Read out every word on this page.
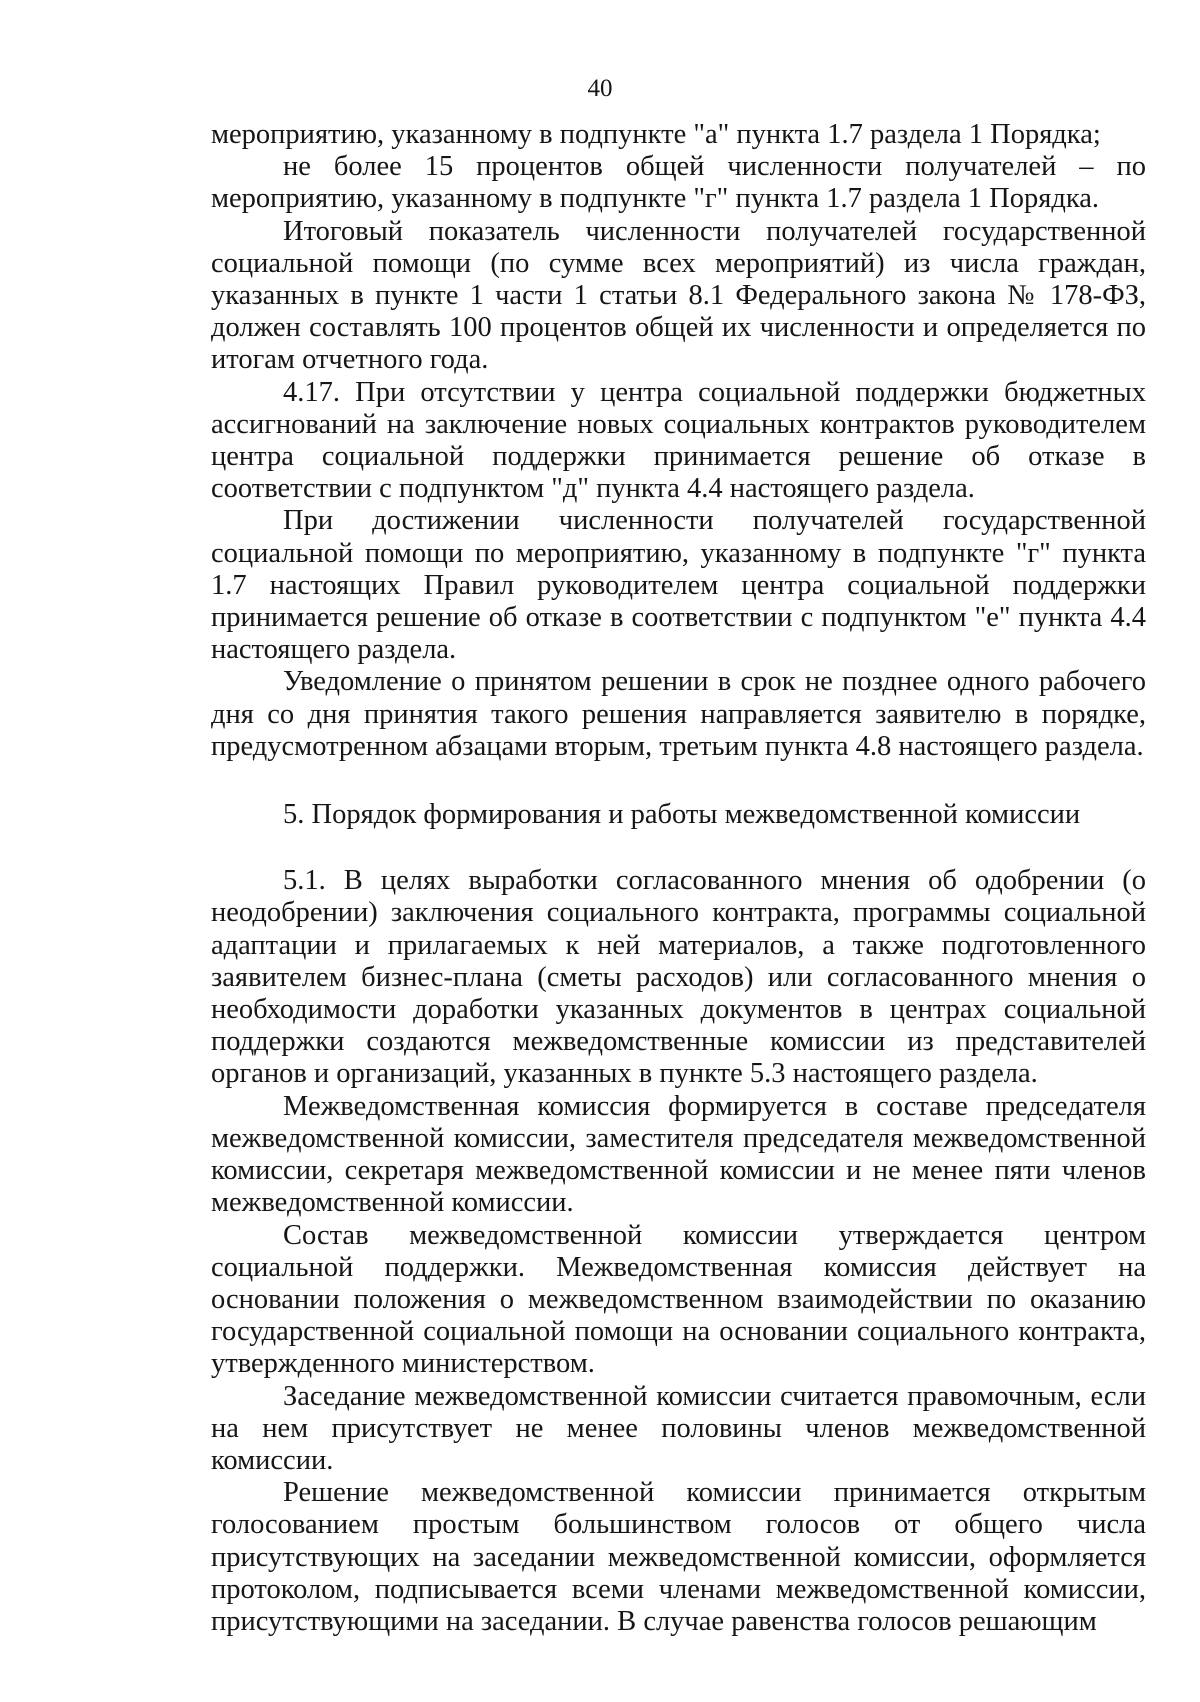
40

мероприятию, указанному в подпункте "а" пункта 1.7 раздела 1 Порядка;

не более 15 процентов общей численности получателей – по мероприятию, указанному в подпункте "г" пункта 1.7 раздела 1 Порядка.

Итоговый показатель численности получателей государственной социальной помощи (по сумме всех мероприятий) из числа граждан, указанных в пункте 1 части 1 статьи 8.1 Федерального закона № 178-ФЗ, должен составлять 100 процентов общей их численности и определяется по итогам отчетного года.

4.17. При отсутствии у центра социальной поддержки бюджетных ассигнований на заключение новых социальных контрактов руководителем центра социальной поддержки принимается решение об отказе в соответствии с подпунктом "д" пункта 4.4 настоящего раздела.

При достижении численности получателей государственной социальной помощи по мероприятию, указанному в подпункте "г" пункта 1.7 настоящих Правил руководителем центра социальной поддержки принимается решение об отказе в соответствии с подпунктом "е" пункта 4.4 настоящего раздела.

Уведомление о принятом решении в срок не позднее одного рабочего дня со дня принятия такого решения направляется заявителю в порядке, предусмотренном абзацами вторым, третьим пункта 4.8 настоящего раздела.

5. Порядок формирования и работы межведомственной комиссии

5.1. В целях выработки согласованного мнения об одобрении (о неодобрении) заключения социального контракта, программы социальной адаптации и прилагаемых к ней материалов, а также подготовленного заявителем бизнес-плана (сметы расходов) или согласованного мнения о необходимости доработки указанных документов в центрах социальной поддержки создаются межведомственные комиссии из представителей органов и организаций, указанных в пункте 5.3 настоящего раздела.

Межведомственная комиссия формируется в составе председателя межведомственной комиссии, заместителя председателя межведомственной комиссии, секретаря межведомственной комиссии и не менее пяти членов межведомственной комиссии.

Состав межведомственной комиссии утверждается центром социальной поддержки. Межведомственная комиссия действует на основании положения о межведомственном взаимодействии по оказанию государственной социальной помощи на основании социального контракта, утвержденного министерством.

Заседание межведомственной комиссии считается правомочным, если на нем присутствует не менее половины членов межведомственной комиссии.

Решение межведомственной комиссии принимается открытым голосованием простым большинством голосов от общего числа присутствующих на заседании межведомственной комиссии, оформляется протоколом, подписывается всеми членами межведомственной комиссии, присутствующими на заседании. В случае равенства голосов решающим
